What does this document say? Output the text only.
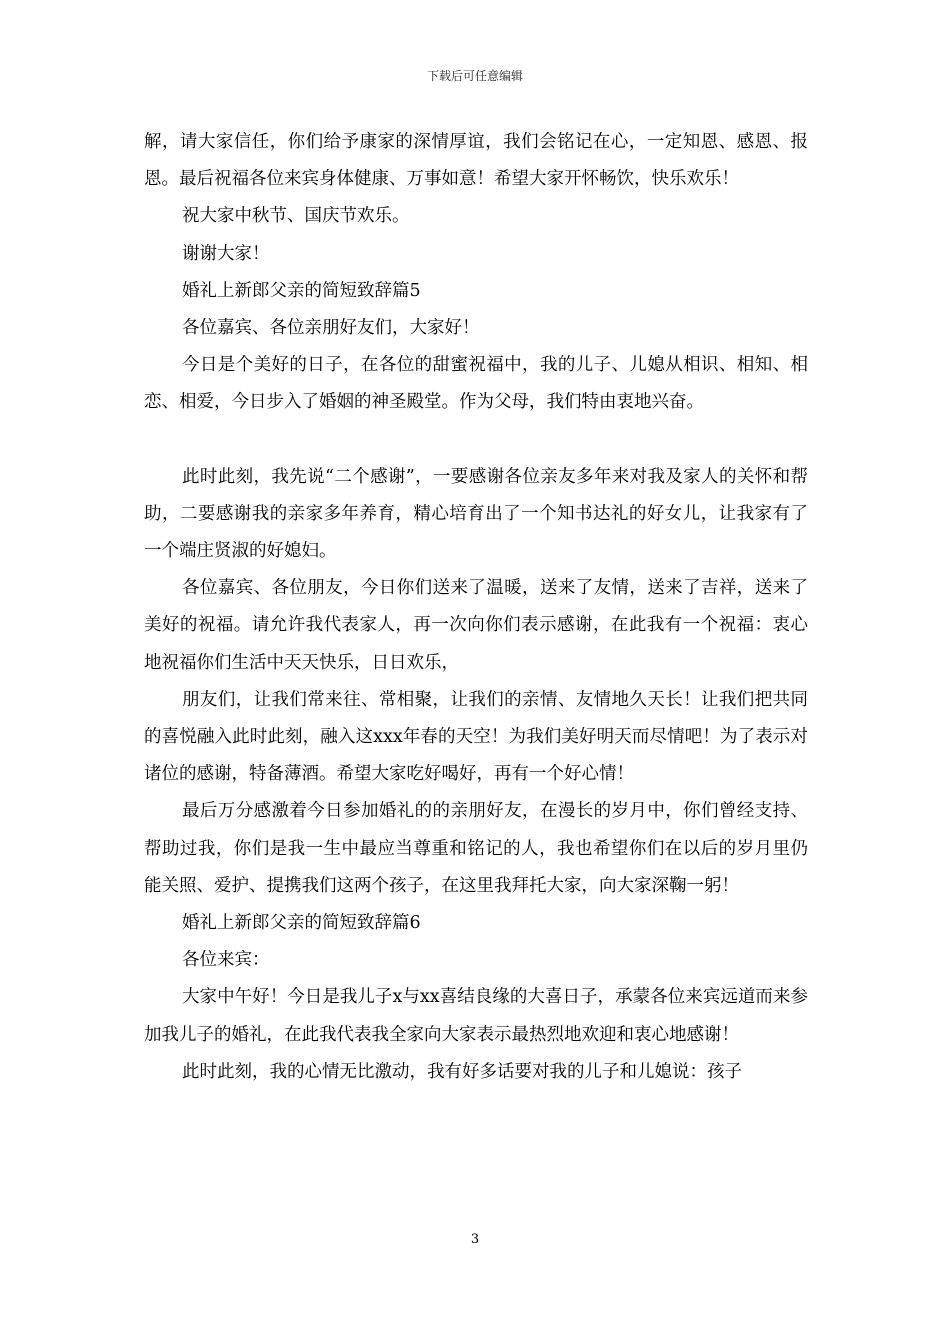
下载后可任意编辑

解，请大家信任，你们给予康家的深情厚谊，我们会铭记在心，一定知恩、感恩、报恩。最后祝福各位来宾身体健康、万事如意！希望大家开怀畅饮，快乐欢乐！

祝大家中秋节、国庆节欢乐。

谢谢大家！

婚礼上新郎父亲的简短致辞篇5

各位嘉宾、各位亲朋好友们，大家好！

今日是个美好的日子，在各位的甜蜜祝福中，我的儿子、儿媳从相识、相知、相恋、相爱，今日步入了婚姻的神圣殿堂。作为父母，我们特由衷地兴奋。

此时此刻，我先说“二个感谢”，一要感谢各位亲友多年来对我及家人的关怀和帮助，二要感谢我的亲家多年养育，精心培育出了一个知书达礼的好女儿，让我家有了一个端庄贤淑的好媳妇。

各位嘉宾、各位朋友，今日你们送来了温暖，送来了友情，送来了吉祥，送来了美好的祝福。请允许我代表家人，再一次向你们表示感谢，在此我有一个祝福：衷心地祝福你们生活中天天快乐，日日欢乐，

朋友们，让我们常来往、常相聚，让我们的亲情、友情地久天长！让我们把共同的喜悦融入此时此刻，融入这xxx年春的天空！为我们美好明天而尽情吧！为了表示对诸位的感谢，特备薄酒。希望大家吃好喝好，再有一个好心情！

最后万分感激着今日参加婚礼的的亲朋好友，在漫长的岁月中，你们曾经支持、帮助过我，你们是我一生中最应当尊重和铭记的人，我也希望你们在以后的岁月里仍能关照、爱护、提携我们这两个孩子，在这里我拜托大家，向大家深鞠一躬！

婚礼上新郎父亲的简短致辞篇6

各位来宾：

大家中午好！今日是我儿子x与xx喜结良缘的大喜日子，承蒙各位来宾远道而来参加我儿子的婚礼，在此我代表我全家向大家表示最热烈地欢迎和衷心地感谢！

此时此刻，我的心情无比激动，我有好多话要对我的儿子和儿媳说：孩子

3
